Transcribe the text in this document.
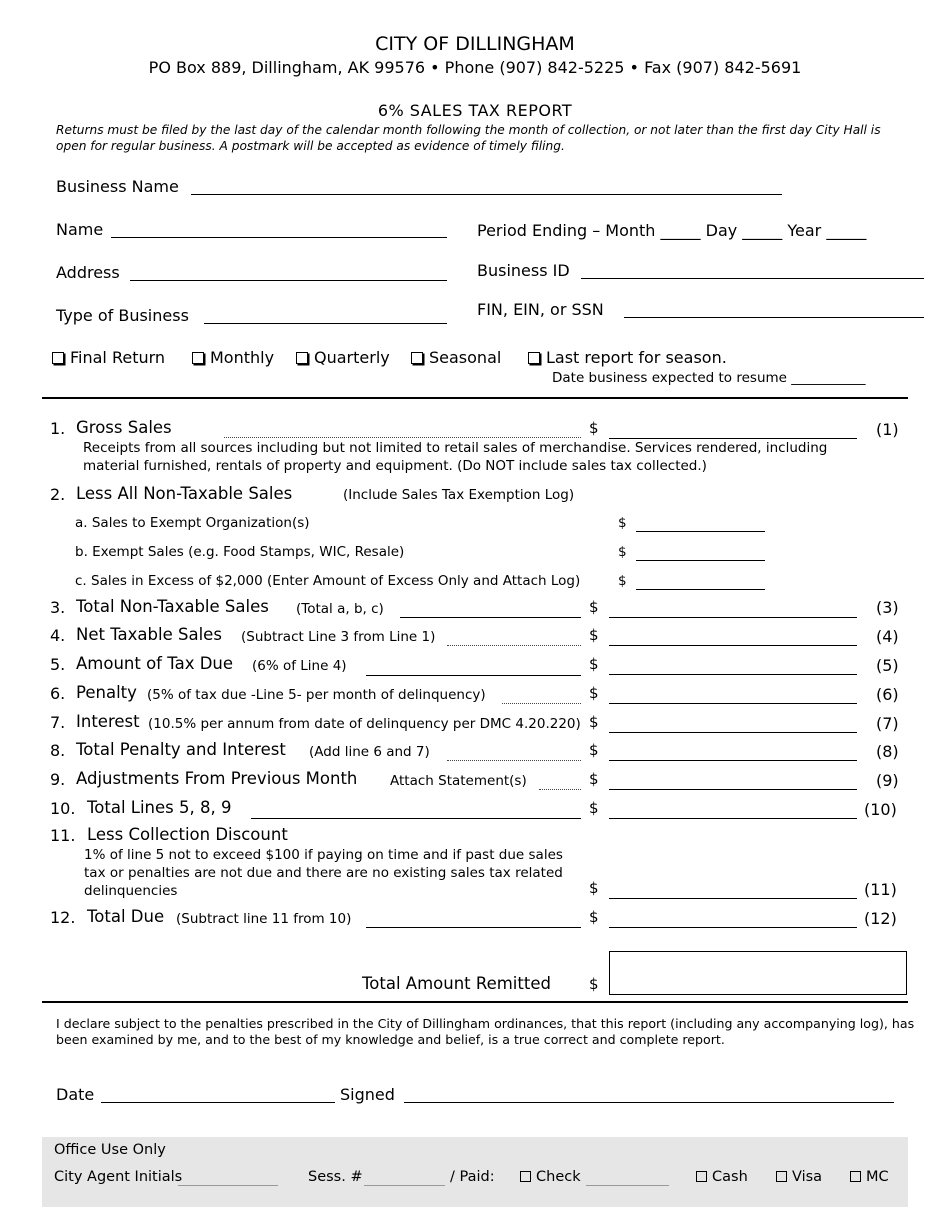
CITY OF DILLINGHAM
PO Box 889, Dillingham, AK 99576 • Phone (907) 842-5225 • Fax (907) 842-5691
6% SALES TAX REPORT
Returns must be filed by the last day of the calendar month following the month of collection, or not later than the first day City Hall is open for regular business. A postmark will be accepted as evidence of timely filing.
Business Name
Name	Period Ending – Month _____ Day _____ Year _____
Address	Business ID
Type of Business	FIN, EIN, or SSN
Final Return	Monthly	Quarterly	Seasonal	Last report for season.
Date business expected to resume ___________
1. Gross Sales	$	(1)
Receipts from all sources including but not limited to retail sales of merchandise. Services rendered, including
material furnished, rentals of property and equipment. (Do NOT include sales tax collected.)
2. Less All Non-Taxable Sales	(Include Sales Tax Exemption Log)
a. Sales to Exempt Organization(s)	$
b. Exempt Sales (e.g. Food Stamps, WIC, Resale)	$
c. Sales in Excess of $2,000 (Enter Amount of Excess Only and Attach Log)	$
3. Total Non-Taxable Sales (Total a, b, c)	$	(3)
4. Net Taxable Sales (Subtract Line 3 from Line 1)	$	(4)
5. Amount of Tax Due (6% of Line 4)	$	(5)
6. Penalty (5% of tax due -Line 5- per month of delinquency)	$	(6)
7. Interest (10.5% per annum from date of delinquency per DMC 4.20.220) $	(7)
8. Total Penalty and Interest (Add line 6 and 7)	$	(8)
9. Adjustments From Previous Month Attach Statement(s)	$	(9)
10. Total Lines 5, 8, 9	$	(10)
11. Less Collection Discount
1% of line 5 not to exceed $100 if paying on time and if past due sales
tax or penalties are not due and there are no existing sales tax related
delinquencies	$	(11)
12. Total Due (Subtract line 11 from 10)	$	(12)
Total Amount Remitted	$
I declare subject to the penalties prescribed in the City of Dillingham ordinances, that this report (including any accompanying log), has
been examined by me, and to the best of my knowledge and belief, is a true correct and complete report.
Date	Signed
Office Use Only
City Agent Initials	Sess. #	/ Paid:	Check	Cash	Visa	MC
